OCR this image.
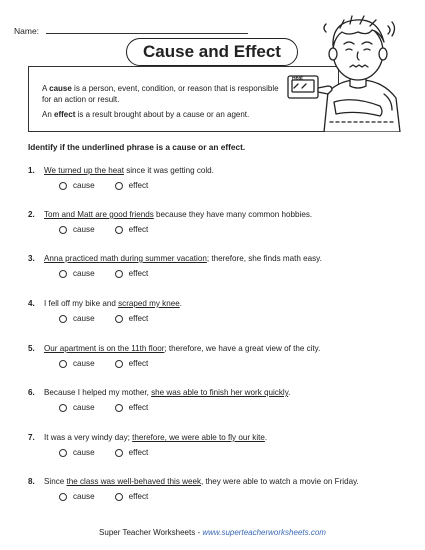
Name:
Cause and Effect

A cause is a person, event, condition, or reason that is responsible for an action or result.

An effect is a result brought about by a cause or an agent.

Heat
Identify if the underlined phrase is a cause or an effect.
1. We turned up the heat since it was getting cold.
cause	effect
2. Tom and Matt are good friends because they have many common hobbies.
cause	effect
3. Anna practiced math during summer vacation; therefore, she finds math easy.
cause	effect
4. I fell off my bike and scraped my knee.
cause	effect
5. Our apartment is on the 11th floor; therefore, we have a great view of the city.
cause	effect
6. Because I helped my mother, she was able to finish her work quickly.
cause	effect
7. It was a very windy day; therefore, we were able to fly our kite.
cause	effect
8. Since the class was well-behaved this week, they were able to watch a movie on Friday.
cause	effect
Super Teacher Worksheets - www.superteacherworksheets.com
